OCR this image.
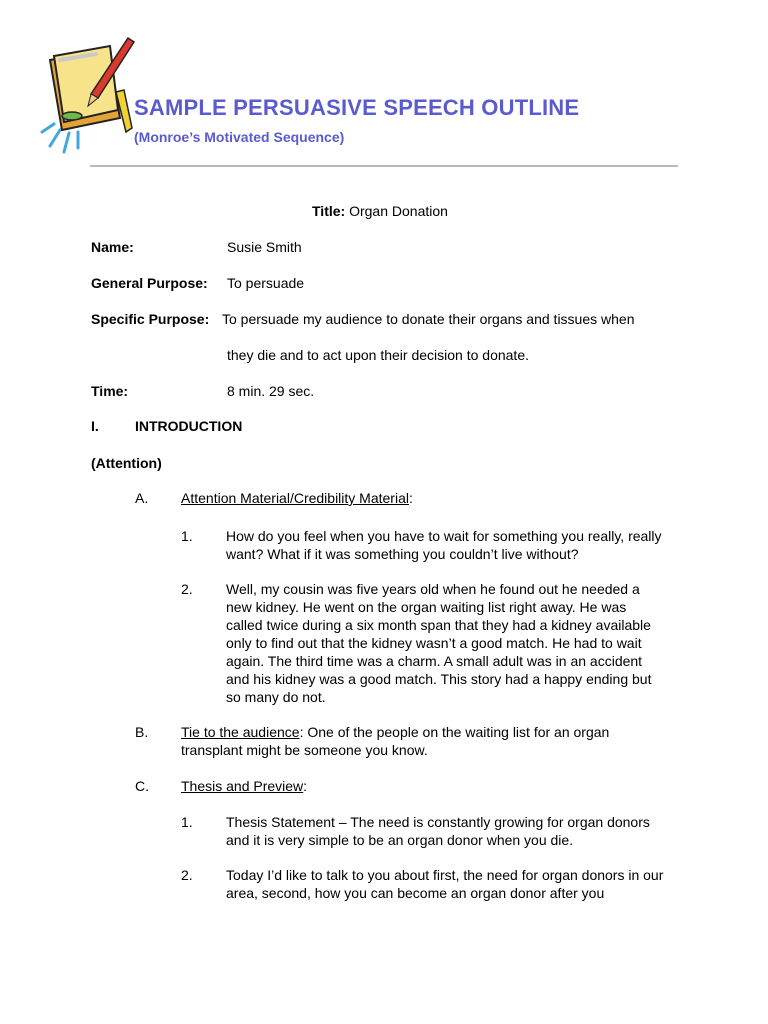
SAMPLE PERSUASIVE SPEECH OUTLINE
(Monroe’s Motivated Sequence)
Title: Organ Donation
Name:	Susie Smith
General Purpose: To persuade
Specific Purpose: To persuade my audience to donate their organs and tissues when
they die and to act upon their decision to donate.
Time:	8 min. 29 sec.
I.	INTRODUCTION
(Attention)
A. Attention Material/Credibility Material:
1. How do you feel when you have to wait for something you really, really want? What if it was something you couldn’t live without?
2. Well, my cousin was five years old when he found out he needed a new kidney. He went on the organ waiting list right away. He was called twice during a six month span that they had a kidney available only to find out that the kidney wasn’t a good match. He had to wait again. The third time was a charm. A small adult was in an accident and his kidney was a good match. This story had a happy ending but so many do not.
B. Tie to the audience: One of the people on the waiting list for an organ transplant might be someone you know.
C. Thesis and Preview:
1. Thesis Statement – The need is constantly growing for organ donors and it is very simple to be an organ donor when you die.
2. Today I’d like to talk to you about first, the need for organ donors in our area, second, how you can become an organ donor after you
